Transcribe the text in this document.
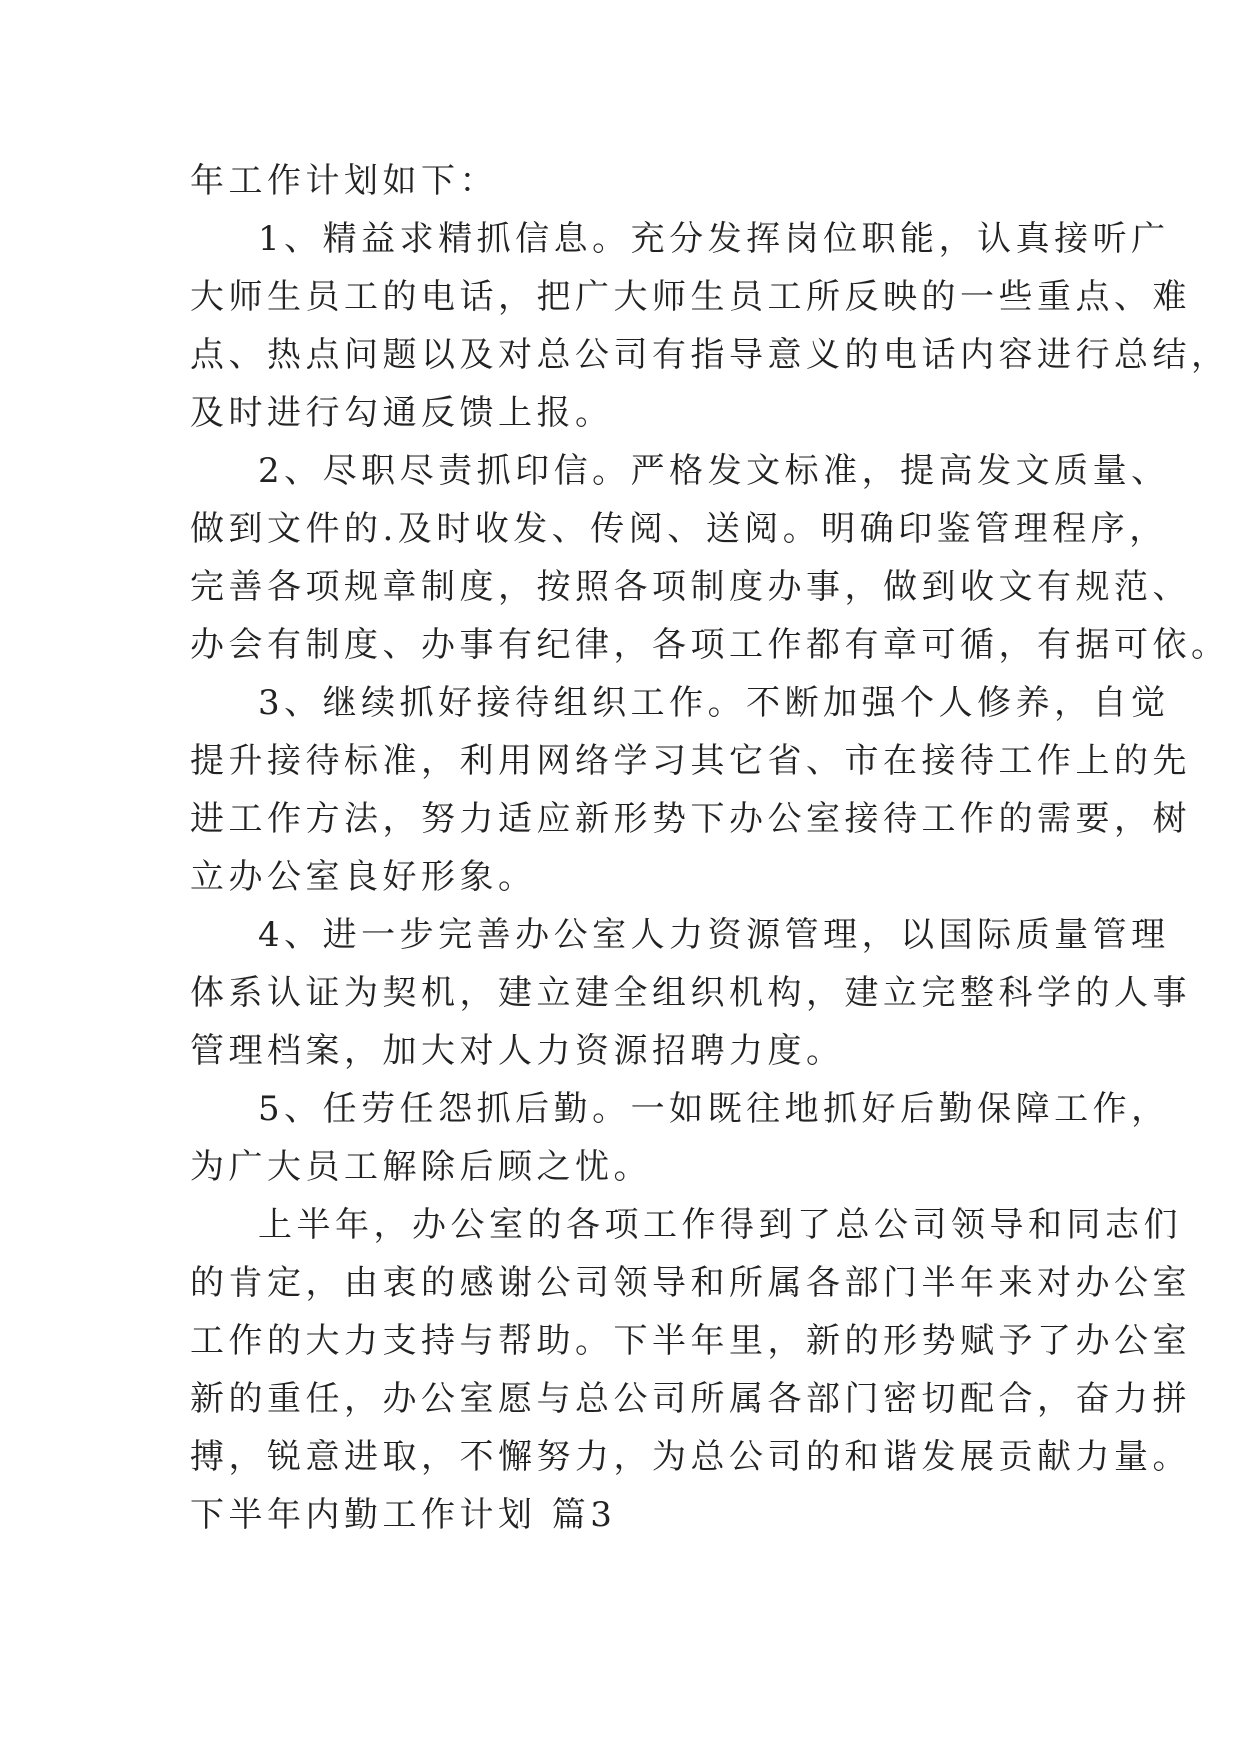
年工作计划如下：
1、精益求精抓信息。充分发挥岗位职能，认真接听广
大师生员工的电话，把广大师生员工所反映的一些重点、难
点、热点问题以及对总公司有指导意义的电话内容进行总结，
及时进行勾通反馈上报。
2、尽职尽责抓印信。严格发文标准，提高发文质量、
做到文件的.及时收发、传阅、送阅。明确印鉴管理程序，
完善各项规章制度，按照各项制度办事，做到收文有规范、
办会有制度、办事有纪律，各项工作都有章可循，有据可依。
3、继续抓好接待组织工作。不断加强个人修养，自觉
提升接待标准，利用网络学习其它省、市在接待工作上的先
进工作方法，努力适应新形势下办公室接待工作的需要，树
立办公室良好形象。
4、进一步完善办公室人力资源管理，以国际质量管理
体系认证为契机，建立建全组织机构，建立完整科学的人事
管理档案，加大对人力资源招聘力度。
5、任劳任怨抓后勤。一如既往地抓好后勤保障工作，
为广大员工解除后顾之忧。
上半年，办公室的各项工作得到了总公司领导和同志们
的肯定，由衷的感谢公司领导和所属各部门半年来对办公室
工作的大力支持与帮助。下半年里，新的形势赋予了办公室
新的重任，办公室愿与总公司所属各部门密切配合，奋力拼
搏，锐意进取，不懈努力，为总公司的和谐发展贡献力量。
下半年内勤工作计划 篇3
